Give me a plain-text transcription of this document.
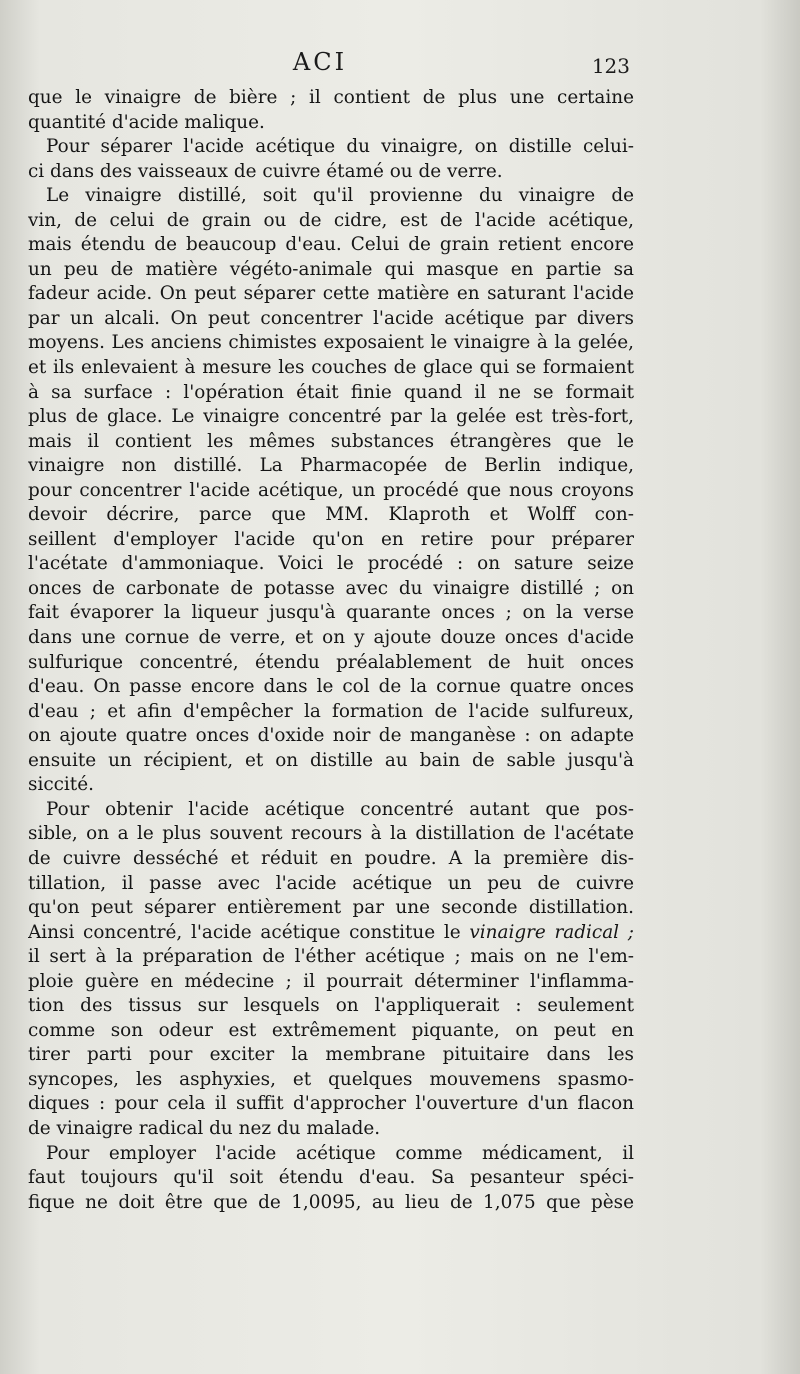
ACI	123
que le vinaigre de bière ; il contient de plus une certaine
quantité d'acide malique.
Pour séparer l'acide acétique du vinaigre, on distille celui-
ci dans des vaisseaux de cuivre étamé ou de verre.
Le vinaigre distillé, soit qu'il provienne du vinaigre de
vin, de celui de grain ou de cidre, est de l'acide acétique,
mais étendu de beaucoup d'eau. Celui de grain retient encore
un peu de matière végéto-animale qui masque en partie sa
fadeur acide. On peut séparer cette matière en saturant l'acide
par un alcali. On peut concentrer l'acide acétique par divers
moyens. Les anciens chimistes exposaient le vinaigre à la gelée,
et ils enlevaient à mesure les couches de glace qui se formaient
à sa surface : l'opération était finie quand il ne se formait
plus de glace. Le vinaigre concentré par la gelée est très-fort,
mais il contient les mêmes substances étrangères que le
vinaigre non distillé. La Pharmacopée de Berlin indique,
pour concentrer l'acide acétique, un procédé que nous croyons
devoir décrire, parce que MM. Klaproth et Wolff con-
seillent d'employer l'acide qu'on en retire pour préparer
l'acétate d'ammoniaque. Voici le procédé : on sature seize
onces de carbonate de potasse avec du vinaigre distillé ; on
fait évaporer la liqueur jusqu'à quarante onces ; on la verse
dans une cornue de verre, et on y ajoute douze onces d'acide
sulfurique concentré, étendu préalablement de huit onces
d'eau. On passe encore dans le col de la cornue quatre onces
d'eau ; et afin d'empêcher la formation de l'acide sulfureux,
on ajoute quatre onces d'oxide noir de manganèse : on adapte
ensuite un récipient, et on distille au bain de sable jusqu'à
siccité.
Pour obtenir l'acide acétique concentré autant que pos-
sible, on a le plus souvent recours à la distillation de l'acétate
de cuivre desséché et réduit en poudre. A la première dis-
tillation, il passe avec l'acide acétique un peu de cuivre
qu'on peut séparer entièrement par une seconde distillation.
Ainsi concentré, l'acide acétique constitue le vinaigre radical ;
il sert à la préparation de l'éther acétique ; mais on ne l'em-
ploie guère en médecine ; il pourrait déterminer l'inflamma-
tion des tissus sur lesquels on l'appliquerait : seulement
comme son odeur est extrêmement piquante, on peut en
tirer parti pour exciter la membrane pituitaire dans les
syncopes, les asphyxies, et quelques mouvemens spasmo-
diques : pour cela il suffit d'approcher l'ouverture d'un flacon
de vinaigre radical du nez du malade.
Pour employer l'acide acétique comme médicament, il
faut toujours qu'il soit étendu d'eau. Sa pesanteur spéci-
fique ne doit être que de 1,0095, au lieu de 1,075 que pèse
